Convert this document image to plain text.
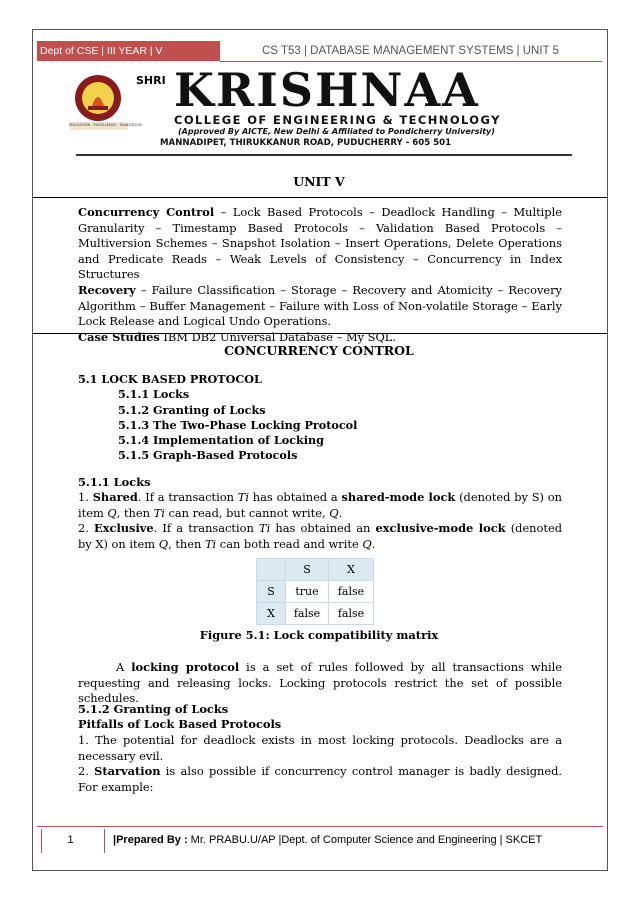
Dept of CSE | III YEAR | V SEMESTER
CS T53 | DATABASE MANAGEMENT SYSTEMS | UNIT 5
EDUCATION · EXCELLENCE · EXALTATION
SHRI KRISHNAA
COLLEGE OF ENGINEERING & TECHNOLOGY
(Approved By AICTE, New Delhi & Affiliated to Pondicherry University)
MANNADIPET, THIRUKKANUR ROAD, PUDUCHERRY - 605 501
UNIT V
Concurrency Control – Lock Based Protocols – Deadlock Handling – Multiple Granularity – Timestamp Based Protocols – Validation Based Protocols – Multiversion Schemes – Snapshot Isolation – Insert Operations, Delete Operations and Predicate Reads – Weak Levels of Consistency – Concurrency in Index Structures
Recovery – Failure Classification – Storage – Recovery and Atomicity – Recovery Algorithm – Buffer Management – Failure with Loss of Non-volatile Storage – Early Lock Release and Logical Undo Operations.
Case Studies IBM DB2 Universal Database – My SQL.
CONCURRENCY CONTROL
5.1 LOCK BASED PROTOCOL
5.1.1 Locks
5.1.2 Granting of Locks
5.1.3 The Two-Phase Locking Protocol
5.1.4 Implementation of Locking
5.1.5 Graph-Based Protocols
5.1.1 Locks
1. Shared. If a transaction Ti has obtained a shared-mode lock (denoted by S) on item Q, then Ti can read, but cannot write, Q.
2. Exclusive. If a transaction Ti has obtained an exclusive-mode lock (denoted by X) on item Q, then Ti can both read and write Q.
	S	X
S	true	false
X	false	false
Figure 5.1: Lock compatibility matrix
A locking protocol is a set of rules followed by all transactions while requesting and releasing locks. Locking protocols restrict the set of possible schedules.
5.1.2 Granting of Locks
Pitfalls of Lock Based Protocols
1. The potential for deadlock exists in most locking protocols. Deadlocks are a necessary evil.
2. Starvation is also possible if concurrency control manager is badly designed. For example:
1	|Prepared By : Mr. PRABU.U/AP |Dept. of Computer Science and Engineering | SKCET
